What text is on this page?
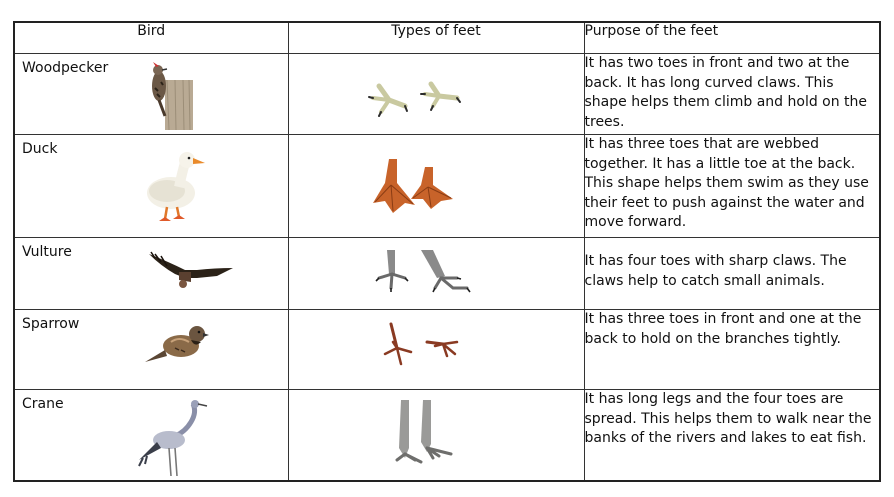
Bird	Types of feet	Purpose of the feet

Woodpecker		It has two toes in front and two at the back. It has long curved claws. This shape helps them climb and hold on the trees.

Duck		It has three toes that are webbed together. It has a little toe at the back. This shape helps them swim as they use their feet to push against the water and move forward.

Vulture		It has four toes with sharp claws. The claws help to catch small animals.

Sparrow		It has three toes in front and one at the back to hold on the branches tightly.

Crane		It has long legs and the four toes are spread. This helps them to walk near the banks of the rivers and lakes to eat fish.
